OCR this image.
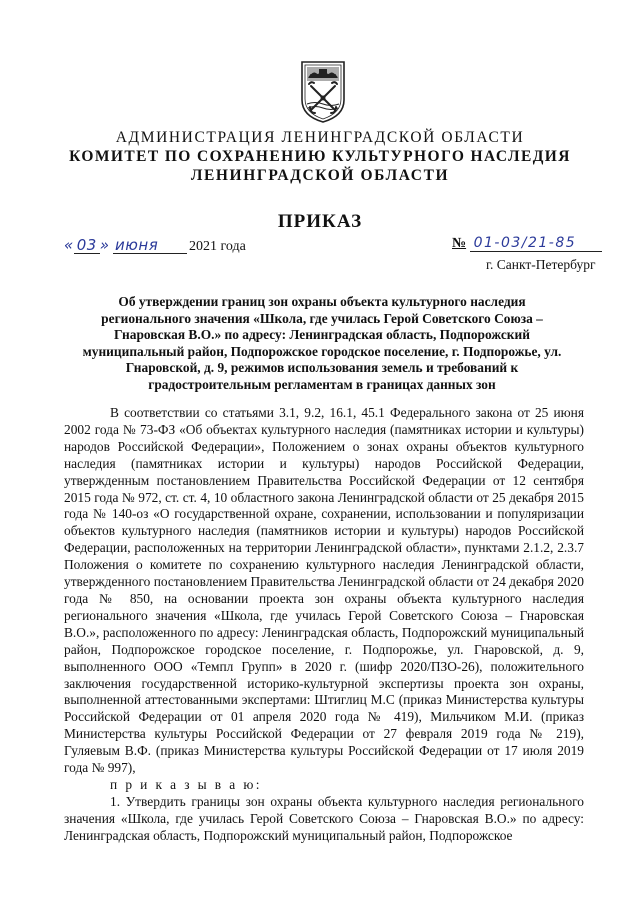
АДМИНИСТРАЦИЯ ЛЕНИНГРАДСКОЙ ОБЛАСТИ
КОМИТЕТ ПО СОХРАНЕНИЮ КУЛЬТУРНОГО НАСЛЕДИЯ
ЛЕНИНГРАДСКОЙ ОБЛАСТИ
ПРИКАЗ
« 03 » июня 2021 года	№ 01-03/21-85
г. Санкт-Петербург
Об утверждении границ зон охраны объекта культурного наследия регионального значения «Школа, где училась Герой Советского Союза – Гнаровская В.О.» по адресу: Ленинградская область, Подпорожский муниципальный район, Подпорожское городское поселение, г. Подпорожье, ул. Гнаровской, д. 9, режимов использования земель и требований к градостроительным регламентам в границах данных зон

В соответствии со статьями 3.1, 9.2, 16.1, 45.1 Федерального закона от 25 июня 2002 года № 73-ФЗ «Об объектах культурного наследия (памятниках истории и культуры) народов Российской Федерации», Положением о зонах охраны объектов культурного наследия (памятниках истории и культуры) народов Российской Федерации, утвержденным постановлением Правительства Российской Федерации от 12 сентября 2015 года № 972, ст. ст. 4, 10 областного закона Ленинградской области от 25 декабря 2015 года № 140-оз «О государственной охране, сохранении, использовании и популяризации объектов культурного наследия (памятников истории и культуры) народов Российской Федерации, расположенных на территории Ленинградской области», пунктами 2.1.2, 2.3.7 Положения о комитете по сохранению культурного наследия Ленинградской области, утвержденного постановлением Правительства Ленинградской области от 24 декабря 2020 года № 850, на основании проекта зон охраны объекта культурного наследия регионального значения «Школа, где училась Герой Советского Союза – Гнаровская В.О.», расположенного по адресу: Ленинградская область, Подпорожский муниципальный район, Подпорожское городское поселение, г. Подпорожье, ул. Гнаровской, д. 9, выполненного ООО «Темпл Групп» в 2020 г. (шифр 2020/ПЗО-26), положительного заключения государственной историко-культурной экспертизы проекта зон охраны, выполненной аттестованными экспертами: Штиглиц М.С (приказ Министерства культуры Российской Федерации от 01 апреля 2020 года № 419), Мильчиком М.И. (приказ Министерства культуры Российской Федерации от 27 февраля 2019 года № 219), Гуляевым В.Ф. (приказ Министерства культуры Российской Федерации от 17 июля 2019 года № 997),

п р и к а з ы в а ю:

1. Утвердить границы зон охраны объекта культурного наследия регионального значения «Школа, где училась Герой Советского Союза – Гнаровская В.О.» по адресу: Ленинградская область, Подпорожский муниципальный район, Подпорожское
